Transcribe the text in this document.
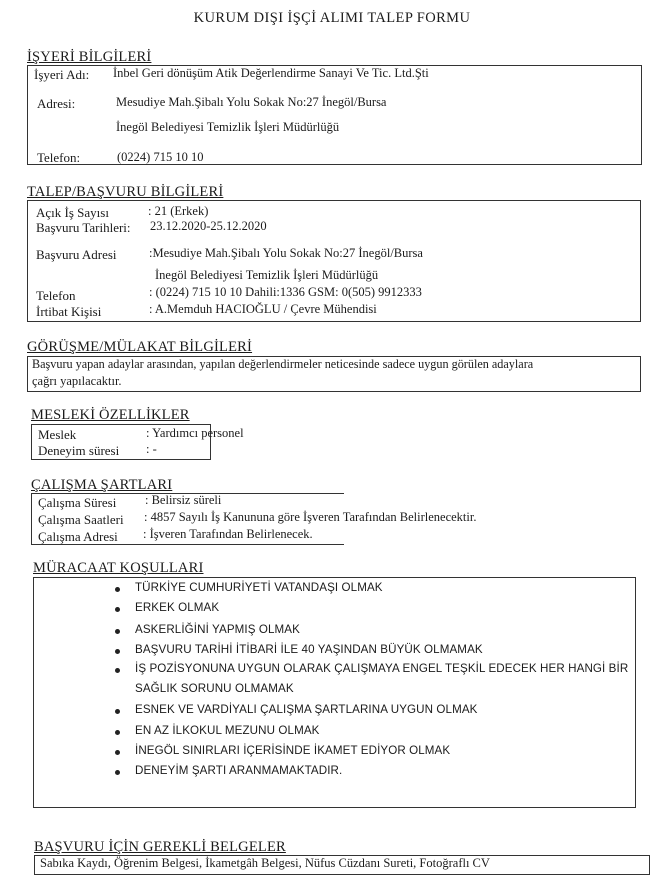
KURUM DIŞI İŞÇİ ALIMI TALEP FORMU
İŞYERİ BİLGİLERİ
İşyeri Adı: İnbel Geri dönüşüm Atik Değerlendirme Sanayi Ve Tic. Ltd.Şti
Adresi:	Mesudiye Mah.Şibalı Yolu Sokak No:27 İnegöl/Bursa
İnegöl Belediyesi Temizlik İşleri Müdürlüğü
Telefon:	(0224) 715 10 10
TALEP/BAŞVURU BİLGİLERİ
Açık İş Sayısı	: 21 (Erkek)
Başvuru Tarihleri: 23.12.2020-25.12.2020
Başvuru Adresi	:Mesudiye Mah.Şibalı Yolu Sokak No:27 İnegöl/Bursa
İnegöl Belediyesi Temizlik İşleri Müdürlüğü
Telefon	: (0224) 715 10 10 Dahili:1336 GSM: 0(505) 9912333
İrtibat Kişisi	: A.Memduh HACIOĞLU / Çevre Mühendisi
GÖRÜŞME/MÜLAKAT BİLGİLERİ
Başvuru yapan adaylar arasından, yapılan değerlendirmeler neticesinde sadece uygun görülen adaylara
çağrı yapılacaktır.
MESLEKİ ÖZELLİKLER
Meslek	: Yardımcı personel
Deneyim süresi : -
ÇALIŞMA ŞARTLARI
Çalışma Süresi : Belirsiz süreli
Çalışma Saatleri : 4857 Sayılı İş Kanununa göre İşveren Tarafından Belirlenecektir.
Çalışma Adresi : İşveren Tarafından Belirlenecek.
MÜRACAAT KOŞULLARI
TÜRKİYE CUMHURİYETİ VATANDAŞI OLMAK
ERKEK OLMAK
ASKERLİĞİNİ YAPMIŞ OLMAK
BAŞVURU TARİHİ İTİBARİ İLE 40 YAŞINDAN BÜYÜK OLMAMAK
İŞ POZİSYONUNA UYGUN OLARAK ÇALIŞMAYA ENGEL TEŞKİL EDECEK HER HANGİ BİR
SAĞLIK SORUNU OLMAMAK
ESNEK VE VARDİYALI ÇALIŞMA ŞARTLARINA UYGUN OLMAK
EN AZ İLKOKUL MEZUNU OLMAK
İNEGÖL SINIRLARI İÇERİSİNDE İKAMET EDİYOR OLMAK
DENEYİM ŞARTI ARANMAMAKTADIR.
BAŞVURU İÇİN GEREKLİ BELGELER
Sabıka Kaydı, Öğrenim Belgesi, İkametgâh Belgesi, Nüfus Cüzdanı Sureti, Fotoğraflı CV
